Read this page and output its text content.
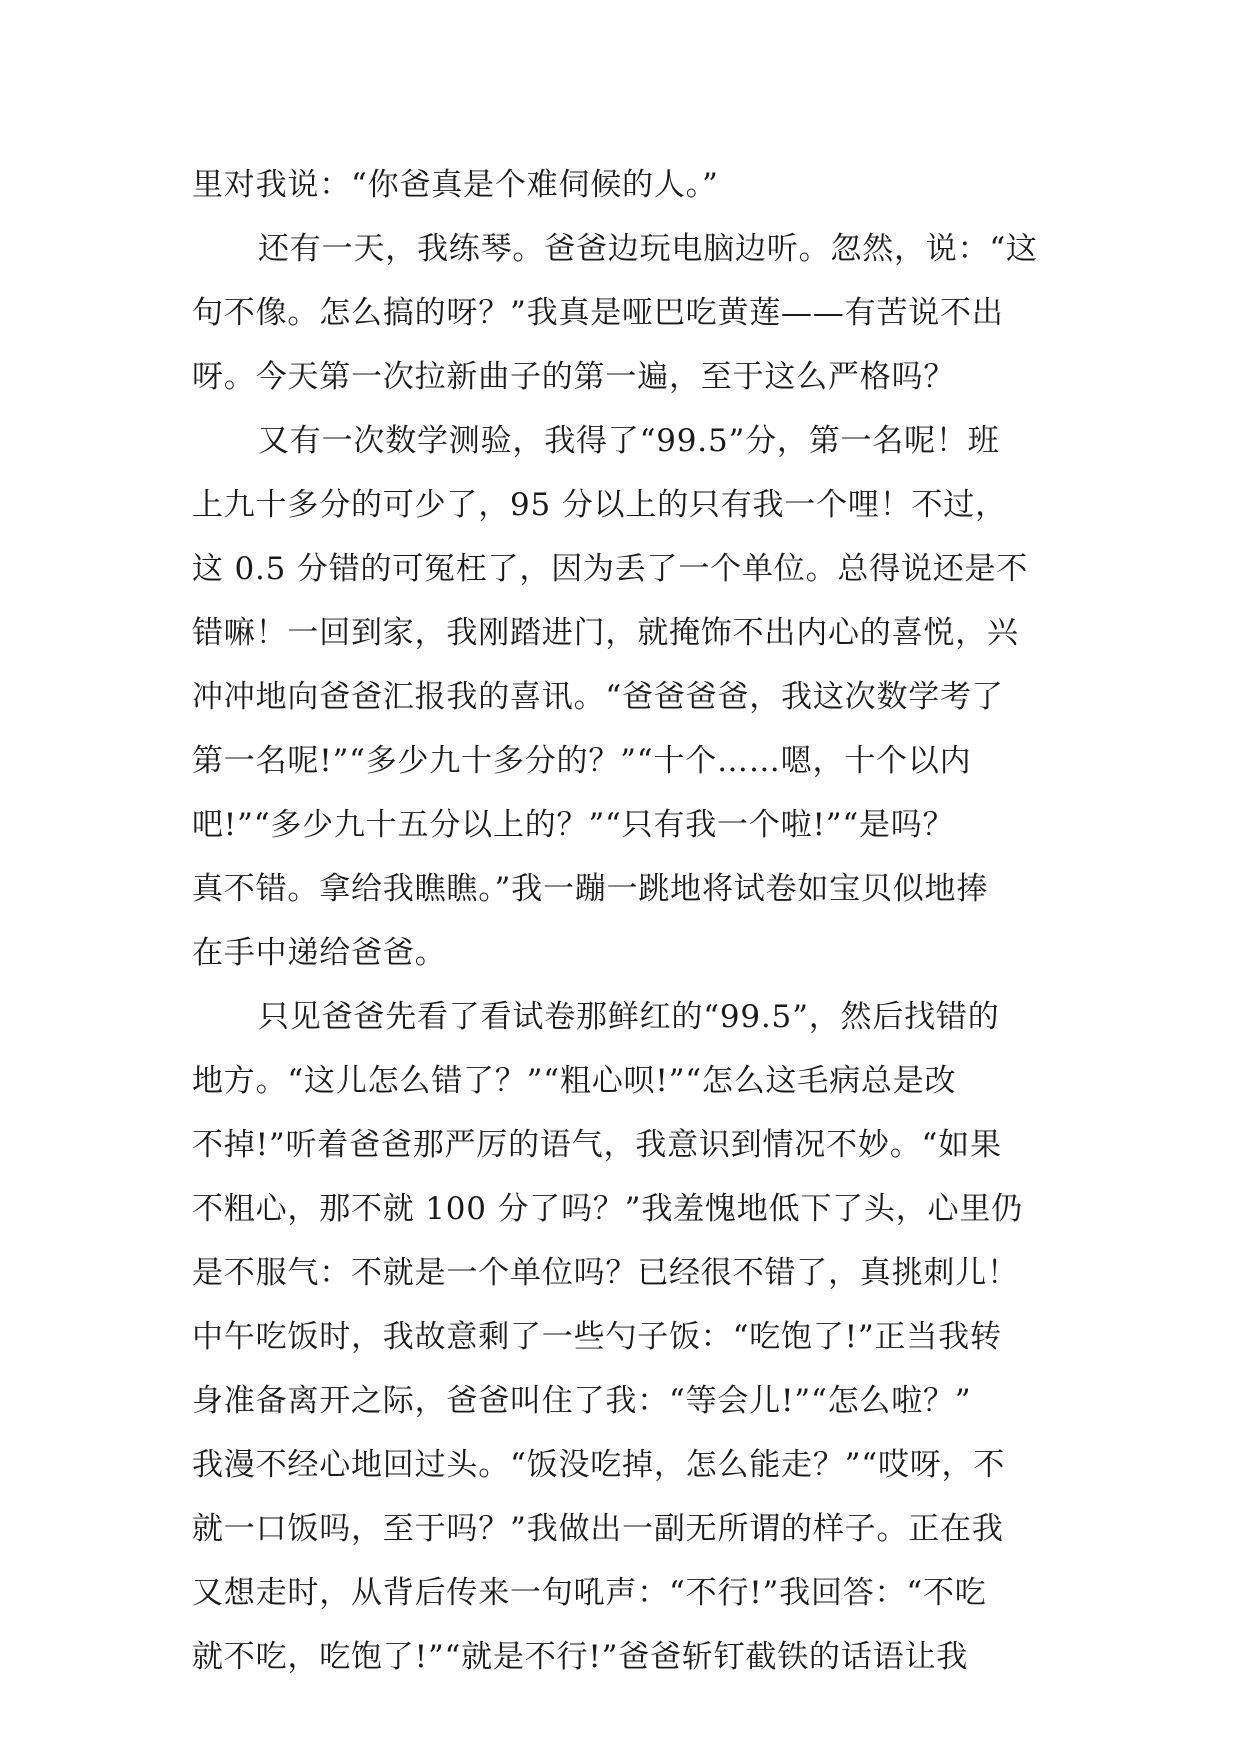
里对我说：“你爸真是个难伺候的人。”
还有一天，我练琴。爸爸边玩电脑边听。忽然，说：“这
句不像。怎么搞的呀？”我真是哑巴吃黄莲——有苦说不出
呀。今天第一次拉新曲子的第一遍，至于这么严格吗？
又有一次数学测验，我得了“99.5”分，第一名呢！班
上九十多分的可少了，95 分以上的只有我一个哩！不过，
这 0.5 分错的可冤枉了，因为丢了一个单位。总得说还是不
错嘛！一回到家，我刚踏进门，就掩饰不出内心的喜悦，兴
冲冲地向爸爸汇报我的喜讯。“爸爸爸爸，我这次数学考了
第一名呢!”“多少九十多分的？”“十个……嗯，十个以内
吧!”“多少九十五分以上的？”“只有我一个啦!”“是吗？
真不错。拿给我瞧瞧。”我一蹦一跳地将试卷如宝贝似地捧
在手中递给爸爸。
只见爸爸先看了看试卷那鲜红的“99.5”，然后找错的
地方。“这儿怎么错了？”“粗心呗!”“怎么这毛病总是改
不掉!”听着爸爸那严厉的语气，我意识到情况不妙。“如果
不粗心，那不就 100 分了吗？”我羞愧地低下了头，心里仍
是不服气：不就是一个单位吗？已经很不错了，真挑刺儿！
中午吃饭时，我故意剩了一些勺子饭：“吃饱了!”正当我转
身准备离开之际，爸爸叫住了我：“等会儿!”“怎么啦？”
我漫不经心地回过头。“饭没吃掉，怎么能走？”“哎呀，不
就一口饭吗，至于吗？”我做出一副无所谓的样子。正在我
又想走时，从背后传来一句吼声：“不行!”我回答：“不吃
就不吃，吃饱了!”“就是不行!”爸爸斩钉截铁的话语让我
